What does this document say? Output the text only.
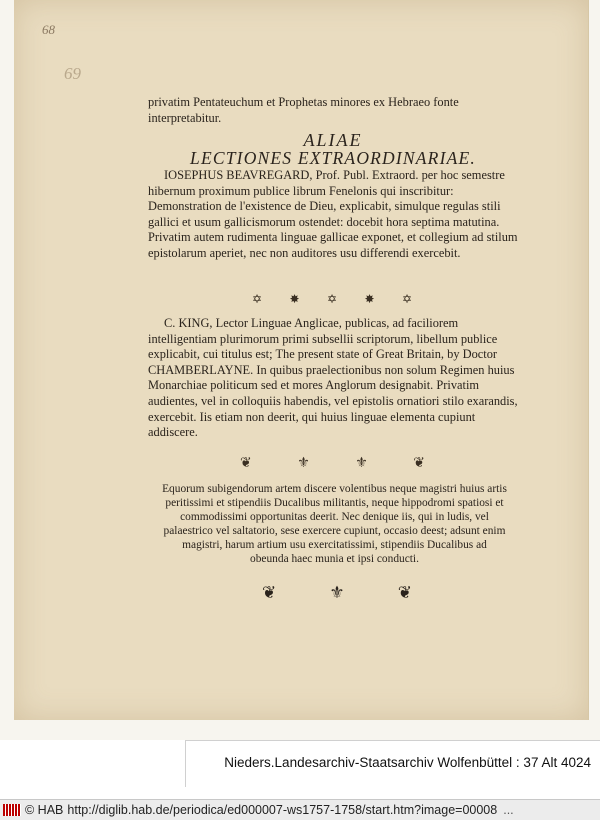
68
69

privatim Pentateuchum et Prophetas minores ex Hebraeo fonte interpretabitur.

ALIAE
LECTIONES EXTRAORDINARIAE.

IOSEPHUS BEAVREGARD, Prof. Publ. Extraord. per hoc semestre hibernum proximum publice librum Fenelonis qui inscribitur: Demonstration de l'existence de Dieu, explicabit, simulque regulas stili gallici et usum gallicismorum ostendet: docebit hora septima matutina. Privatim autem rudimenta linguae gallicae exponet, et collegium ad stilum epistolarum aperiet, nec non auditores usu differendi exercebit.

✡ ✸ ✡ ✸ ✡

C. KING, Lector Linguae Anglicae, publicas, ad faciliorem intelligentiam plurimorum primi subsellii scriptorum, libellum publice explicabit, cui titulus est; The present state of Great Britain, by Doctor CHAMBERLAYNE. In quibus praelectionibus non solum Regimen huius Monarchiae politicum sed et mores Anglorum designabit. Privatim audientes, vel in colloquiis habendis, vel epistolis ornatiori stilo exarandis, exercebit. Iis etiam non deerit, qui huius linguae elementa cupiunt addiscere.

❦	⚜	⚜	❦

Equorum subigendorum artem discere volentibus neque magistri huius artis peritissimi et stipendiis Ducalibus militantis, neque hippodromi spatiosi et commodissimi opportunitas deerit. Nec denique iis, qui in ludis, vel palaestrico vel saltatorio, sese exercere cupiunt, occasio deest; adsunt enim magistri, harum artium usu exercitatissimi, stipendiis Ducalibus ad obeunda haec munia et ipsi conducti.

❦	⚜	❦
Nieders.Landesarchiv-Staatsarchiv Wolfenbüttel : 37 Alt 4024
© HAB http://diglib.hab.de/periodica/ed000007-ws1757-1758/start.htm?image=00008 ...
